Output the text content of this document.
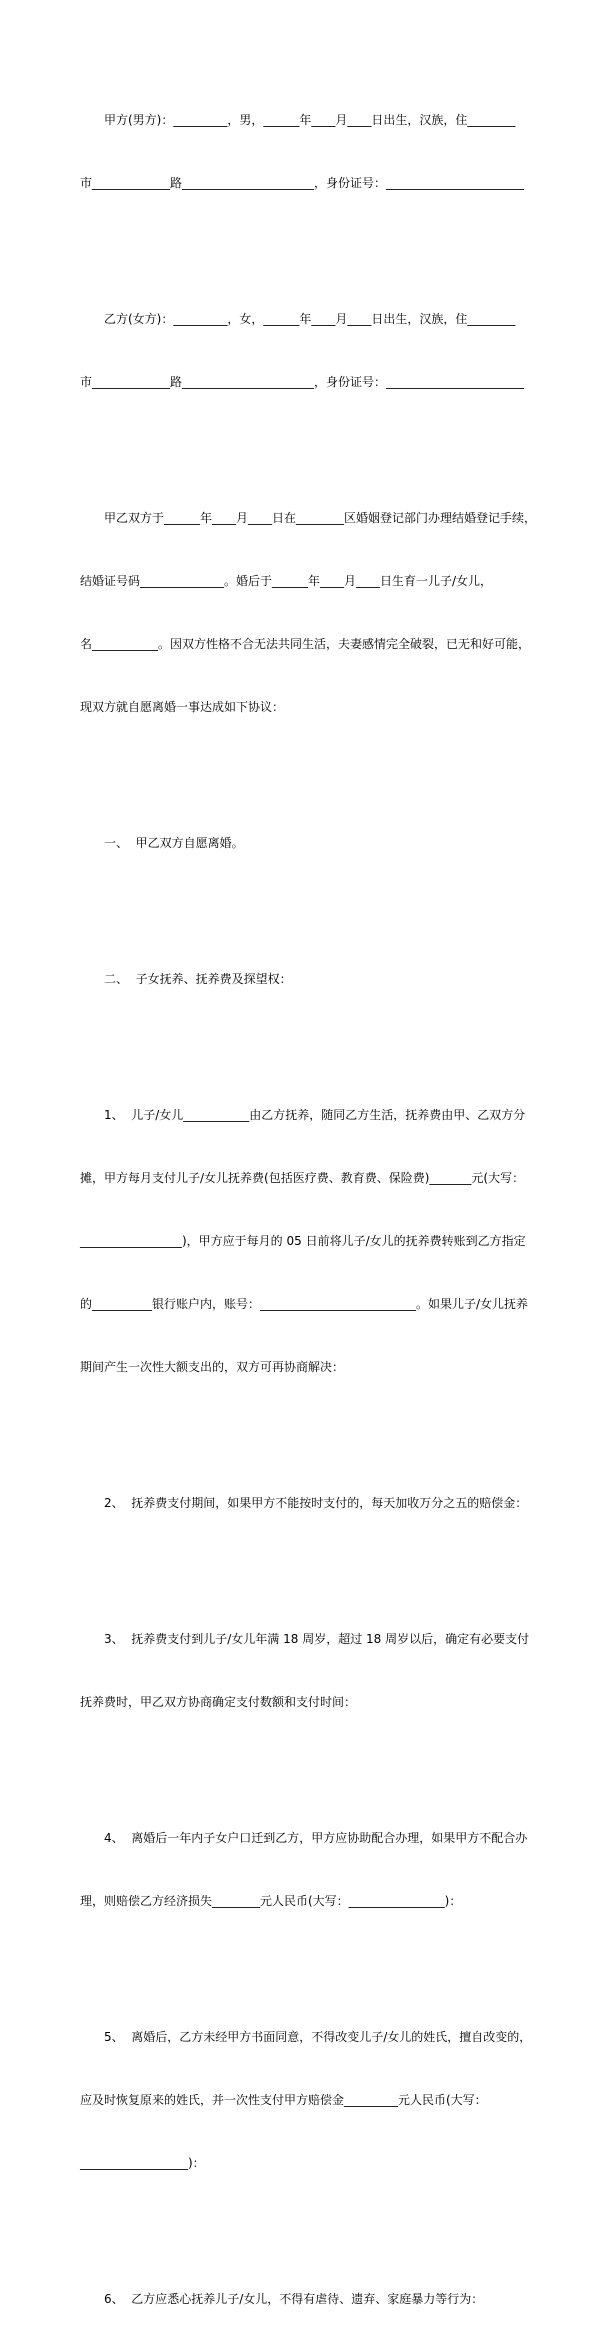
甲方(男方)：_________，男，______年____月____日出生，汉族，住________

市_____________路______________________，身份证号：_______________________

乙方(女方)：_________，女，______年____月____日出生，汉族，住________

市_____________路______________________，身份证号：_______________________

甲乙双方于______年____月____日在________区婚姻登记部门办理结婚登记手续，

结婚证号码______________。婚后于______年____月____日生育一儿子/女儿，

名___________。因双方性格不合无法共同生活，夫妻感情完全破裂，已无和好可能，

现双方就自愿离婚一事达成如下协议：

一、  甲乙双方自愿离婚。

二、  子女抚养、抚养费及探望权：

1、  儿子/女儿___________由乙方抚养，随同乙方生活，抚养费由甲、乙双方分

摊，甲方每月支付儿子/女儿抚养费(包括医疗费、教育费、保险费)_______元(大写：

_________________)，甲方应于每月的 05 日前将儿子/女儿的抚养费转账到乙方指定

的__________银行账户内，账号：__________________________。如果儿子/女儿抚养

期间产生一次性大额支出的，双方可再协商解决：

2、  抚养费支付期间，如果甲方不能按时支付的，每天加收万分之五的赔偿金：

3、  抚养费支付到儿子/女儿年满 18 周岁，超过 18 周岁以后，确定有必要支付

抚养费时，甲乙双方协商确定支付数额和支付时间：

4、  离婚后一年内子女户口迁到乙方，甲方应协助配合办理，如果甲方不配合办

理，则赔偿乙方经济损失________元人民币(大写：________________)：

5、  离婚后，乙方未经甲方书面同意，不得改变儿子/女儿的姓氏，擅自改变的，

应及时恢复原来的姓氏，并一次性支付甲方赔偿金_________元人民币(大写：

__________________)：

6、  乙方应悉心抚养儿子/女儿，不得有虐待、遗弃、家庭暴力等行为：
